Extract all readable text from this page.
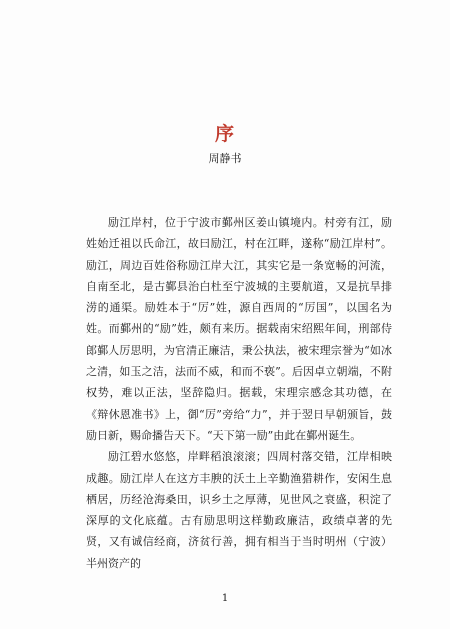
序
周静书

励江岸村，位于宁波市鄞州区姜山镇境内。村旁有江，励姓始迁祖以氏命江，故曰励江，村在江畔，遂称“励江岸村”。励江，周边百姓俗称励江岸大江，其实它是一条宽畅的河流，自南至北，是古鄞县治白杜至宁波城的主要航道，又是抗旱排涝的通渠。励姓本于“厉”姓，源自西周的“厉国”，以国名为姓。而鄞州的“励”姓，颇有来历。据载南宋绍熙年间，刑部侍郎鄞人厉思明，为官清正廉洁，秉公执法，被宋理宗誉为“如冰之清，如玉之洁，法而不威，和而不亵”。后因卓立朝端，不附权势，难以正法，坚辞隐归。据载，宋理宗感念其功德，在《辩休恩准书》上，御“厉”旁给“力”，并于翌日早朝颁旨，鼓励日新，赐命播告天下。“天下第一励”由此在鄞州诞生。

励江碧水悠悠，岸畔稻浪滚滚；四周村落交错，江岸相映成趣。励江岸人在这方丰腴的沃土上辛勤渔猎耕作，安闲生息栖居，历经沧海桑田，识乡土之厚薄，见世风之衰盛，积淀了深厚的文化底蕴。古有励思明这样勤政廉洁，政绩卓著的先贤，又有诚信经商，济贫行善，拥有相当于当时明州（宁波）半州资产的

1
